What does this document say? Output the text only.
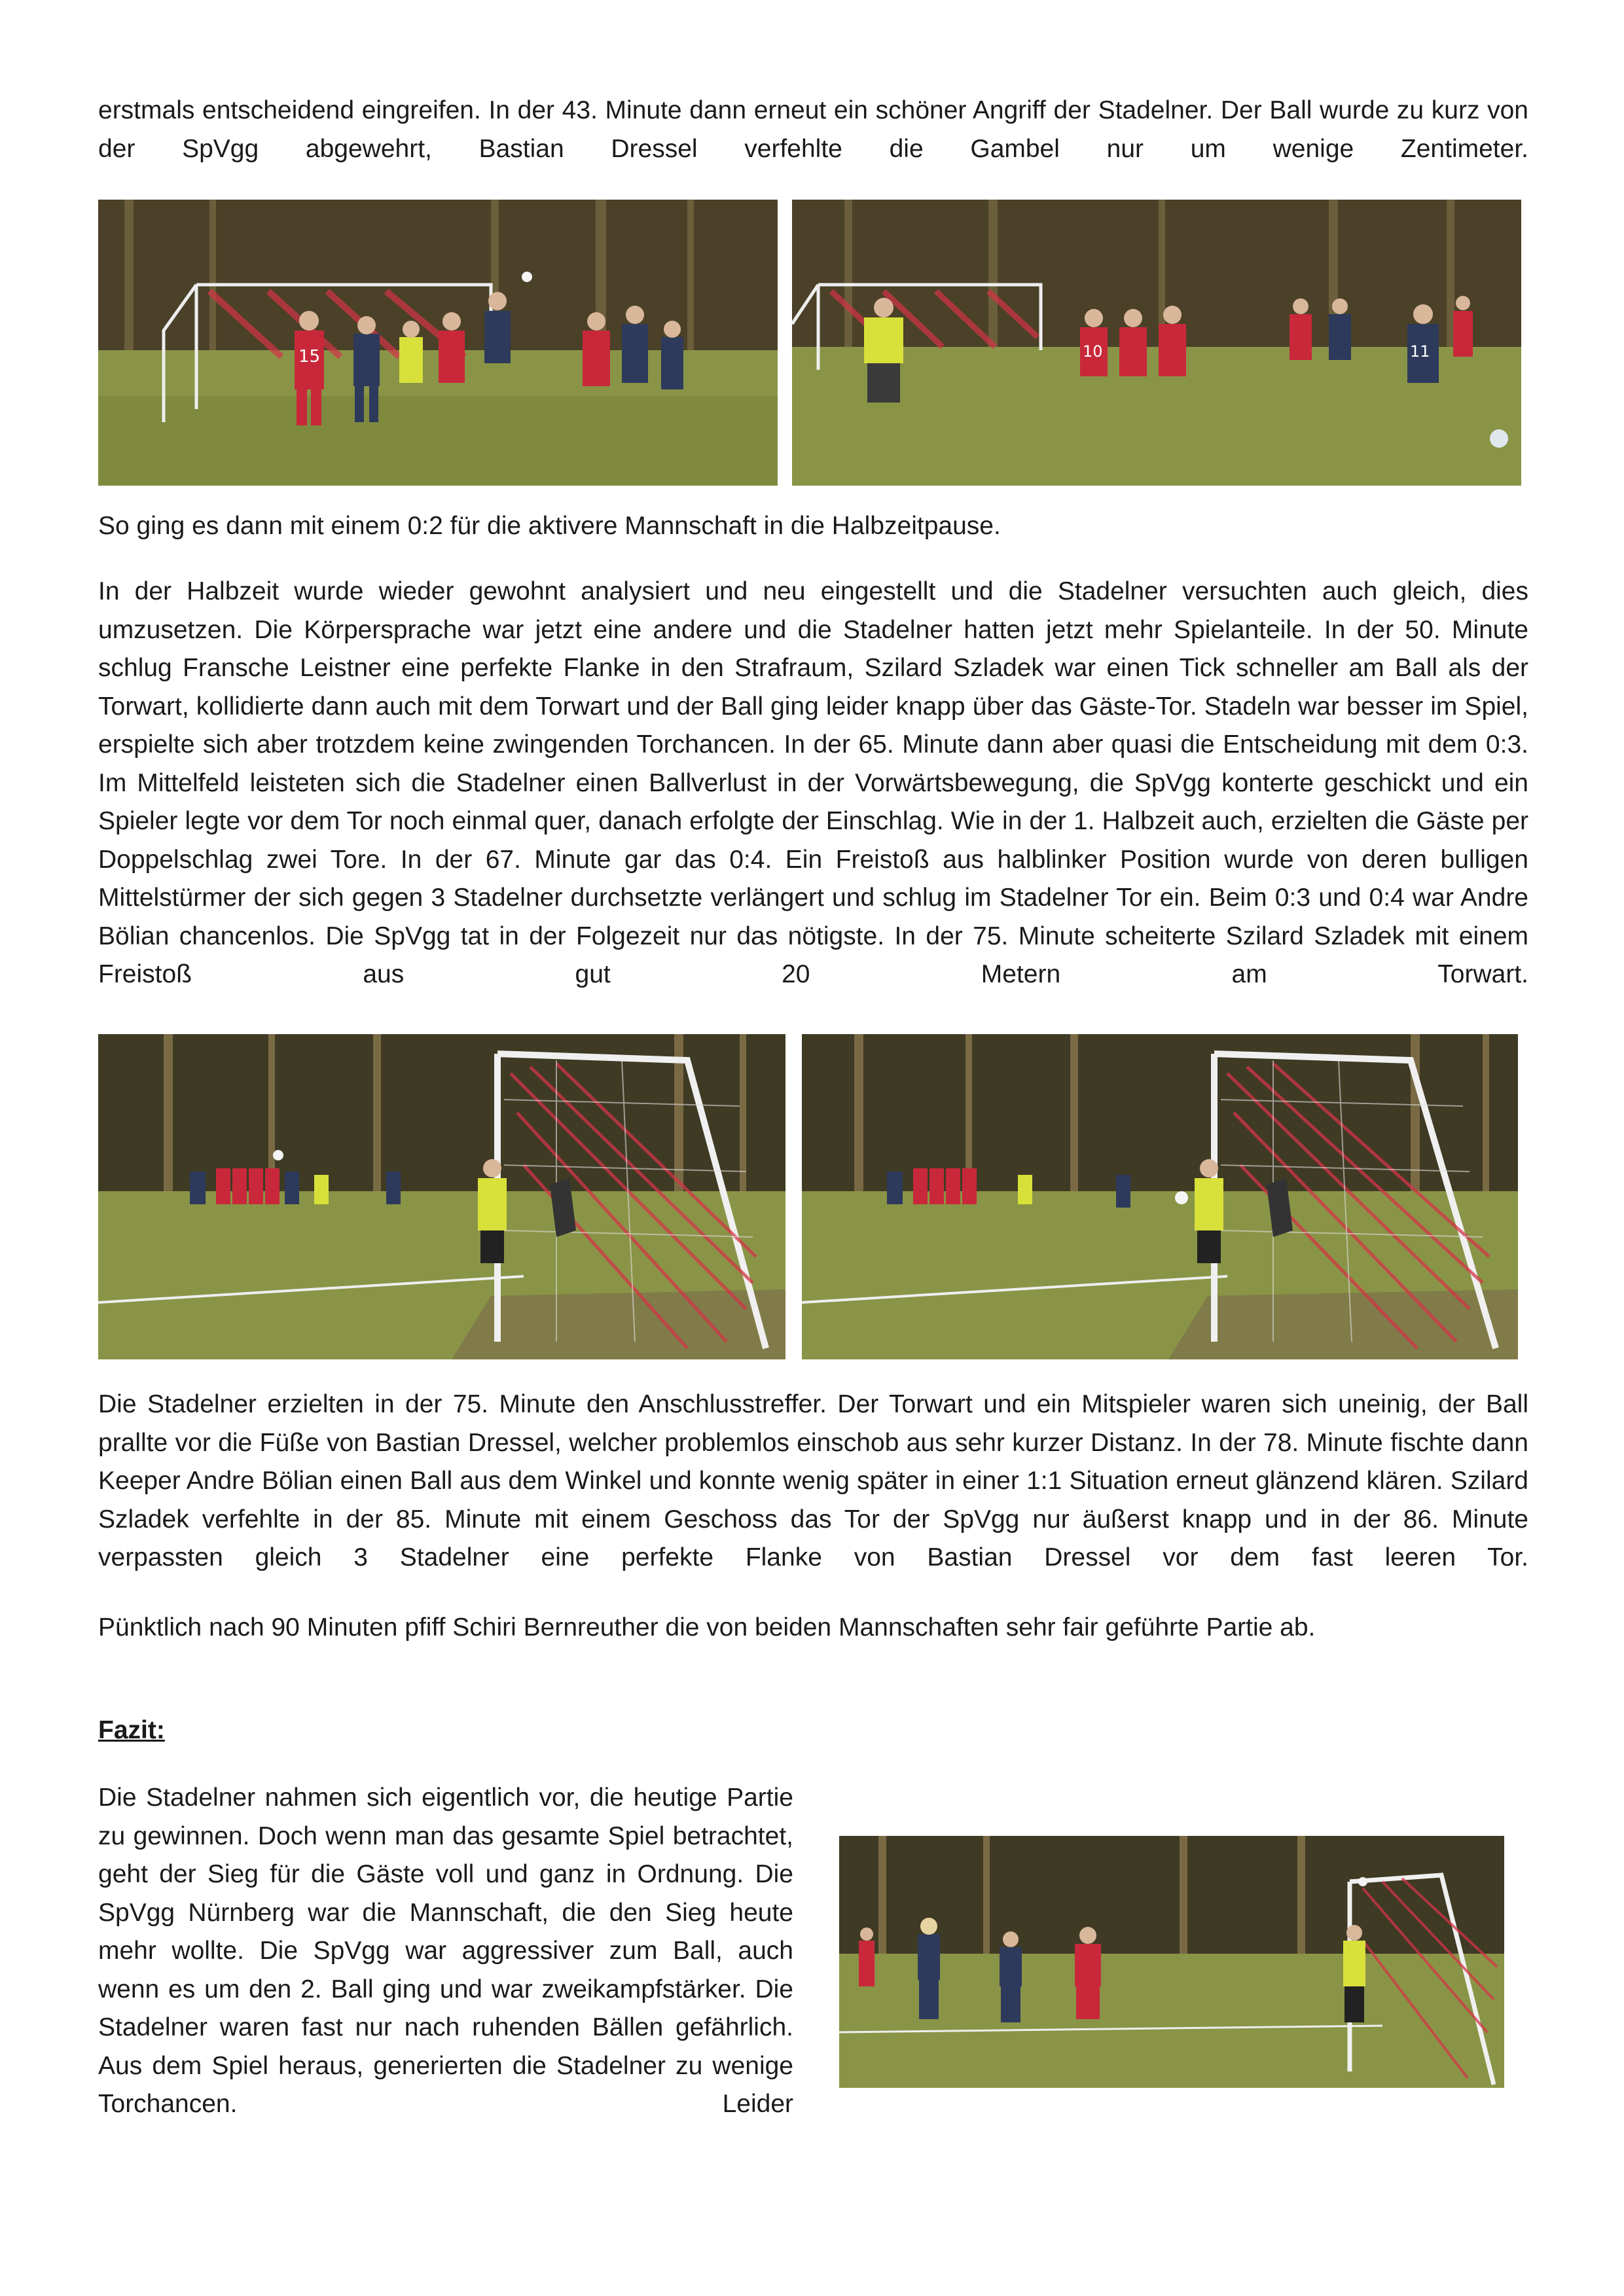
erstmals entscheidend eingreifen. In der 43. Minute dann erneut ein schöner Angriff der Stadelner. Der Ball wurde zu kurz von der SpVgg abgewehrt, Bastian Dressel verfehlte die Gambel nur um wenige Zentimeter.

15	10	11

So ging es dann mit einem 0:2 für die aktivere Mannschaft in die Halbzeitpause.

In der Halbzeit wurde wieder gewohnt analysiert und neu eingestellt und die Stadelner versuchten auch gleich, dies umzusetzen. Die Körpersprache war jetzt eine andere und die Stadelner hatten jetzt mehr Spielanteile. In der 50. Minute schlug Fransche Leistner eine perfekte Flanke in den Strafraum, Szilard Szladek war einen Tick schneller am Ball als der Torwart, kollidierte dann auch mit dem Torwart und der Ball ging leider knapp über das Gäste-Tor. Stadeln war besser im Spiel, erspielte sich aber trotzdem keine zwingenden Torchancen. In der 65. Minute dann aber quasi die Entscheidung mit dem 0:3. Im Mittelfeld leisteten sich die Stadelner einen Ballverlust in der Vorwärtsbewegung, die SpVgg konterte geschickt und ein Spieler legte vor dem Tor noch einmal quer, danach erfolgte der Einschlag. Wie in der 1. Halbzeit auch, erzielten die Gäste per Doppelschlag zwei Tore. In der 67. Minute gar das 0:4. Ein Freistoß aus halblinker Position wurde von deren bulligen Mittelstürmer der sich gegen 3 Stadelner durchsetzte verlängert und schlug im Stadelner Tor ein. Beim 0:3 und 0:4 war Andre Bölian chancenlos. Die SpVgg tat in der Folgezeit nur das nötigste. In der 75. Minute scheiterte Szilard Szladek mit einem Freistoß aus gut 20 Metern am Torwart.

Die Stadelner erzielten in der 75. Minute den Anschlusstreffer. Der Torwart und ein Mitspieler waren sich uneinig, der Ball prallte vor die Füße von Bastian Dressel, welcher problemlos einschob aus sehr kurzer Distanz. In der 78. Minute fischte dann Keeper Andre Bölian einen Ball aus dem Winkel und konnte wenig später in einer 1:1 Situation erneut glänzend klären. Szilard Szladek verfehlte in der 85. Minute mit einem Geschoss das Tor der SpVgg nur äußerst knapp und in der 86. Minute verpassten gleich 3 Stadelner eine perfekte Flanke von Bastian Dressel vor dem fast leeren Tor.

Pünktlich nach 90 Minuten pfiff Schiri Bernreuther die von beiden Mannschaften sehr fair geführte Partie ab.

Fazit:

Die Stadelner nahmen sich eigentlich vor, die heutige Partie zu gewinnen. Doch wenn man das gesamte Spiel betrachtet, geht der Sieg für die Gäste voll und ganz in Ordnung. Die SpVgg Nürnberg war die Mannschaft, die den Sieg heute mehr wollte. Die SpVgg war aggressiver zum Ball, auch wenn es um den 2. Ball ging und war zweikampfstärker. Die Stadelner waren fast nur nach ruhenden Bällen gefährlich. Aus dem Spiel heraus, generierten die Stadelner zu wenige Torchancen. Leider
